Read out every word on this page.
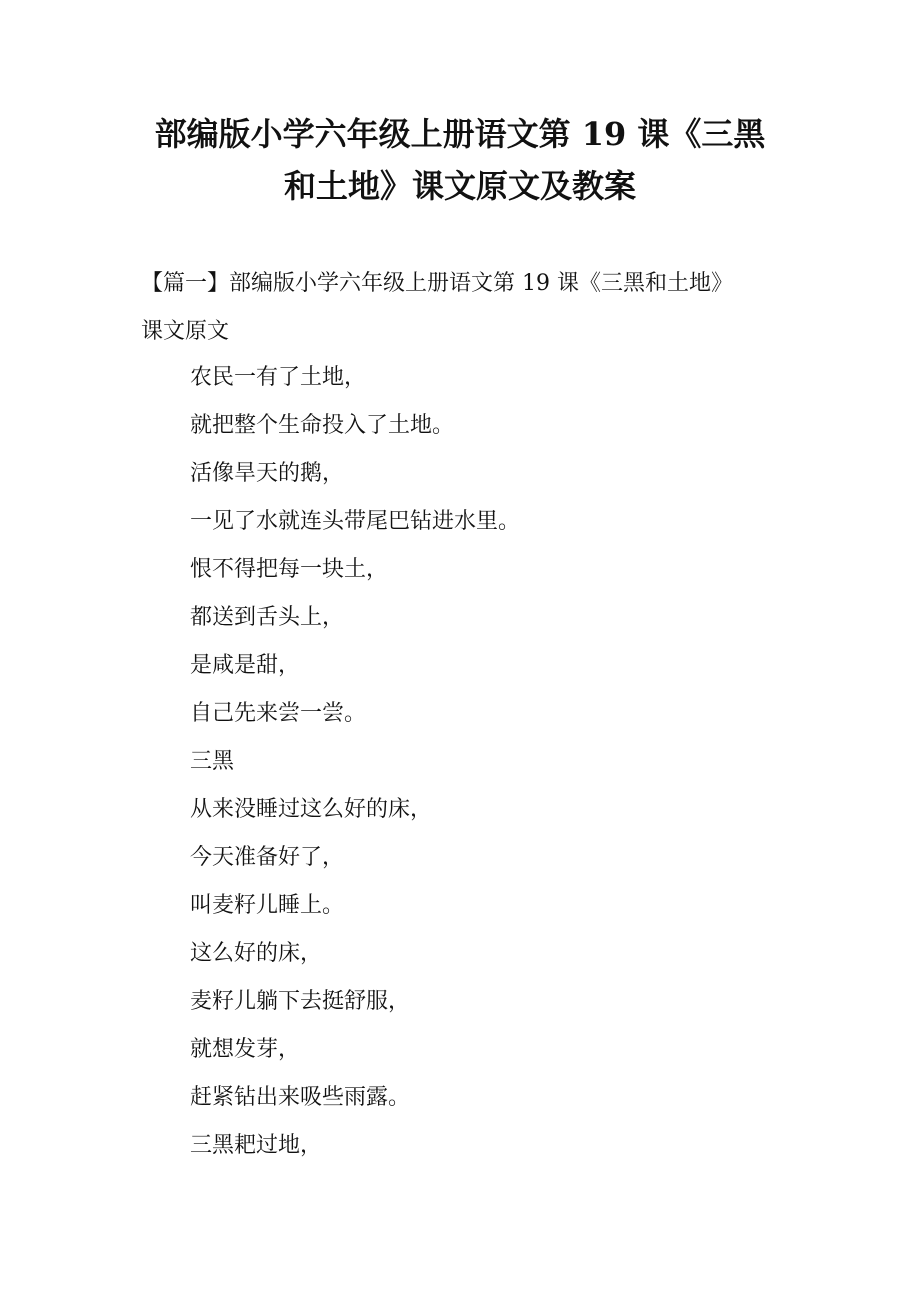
部编版小学六年级上册语文第 19 课《三黑
和土地》课文原文及教案
【篇一】部编版小学六年级上册语文第 19 课《三黑和土地》
课文原文
农民一有了土地，
就把整个生命投入了土地。
活像旱天的鹅，
一见了水就连头带尾巴钻进水里。
恨不得把每一块土，
都送到舌头上，
是咸是甜，
自己先来尝一尝。
三黑
从来没睡过这么好的床，
今天准备好了，
叫麦籽儿睡上。
这么好的床，
麦籽儿躺下去挺舒服，
就想发芽，
赶紧钻出来吸些雨露。
三黑耙过地，
